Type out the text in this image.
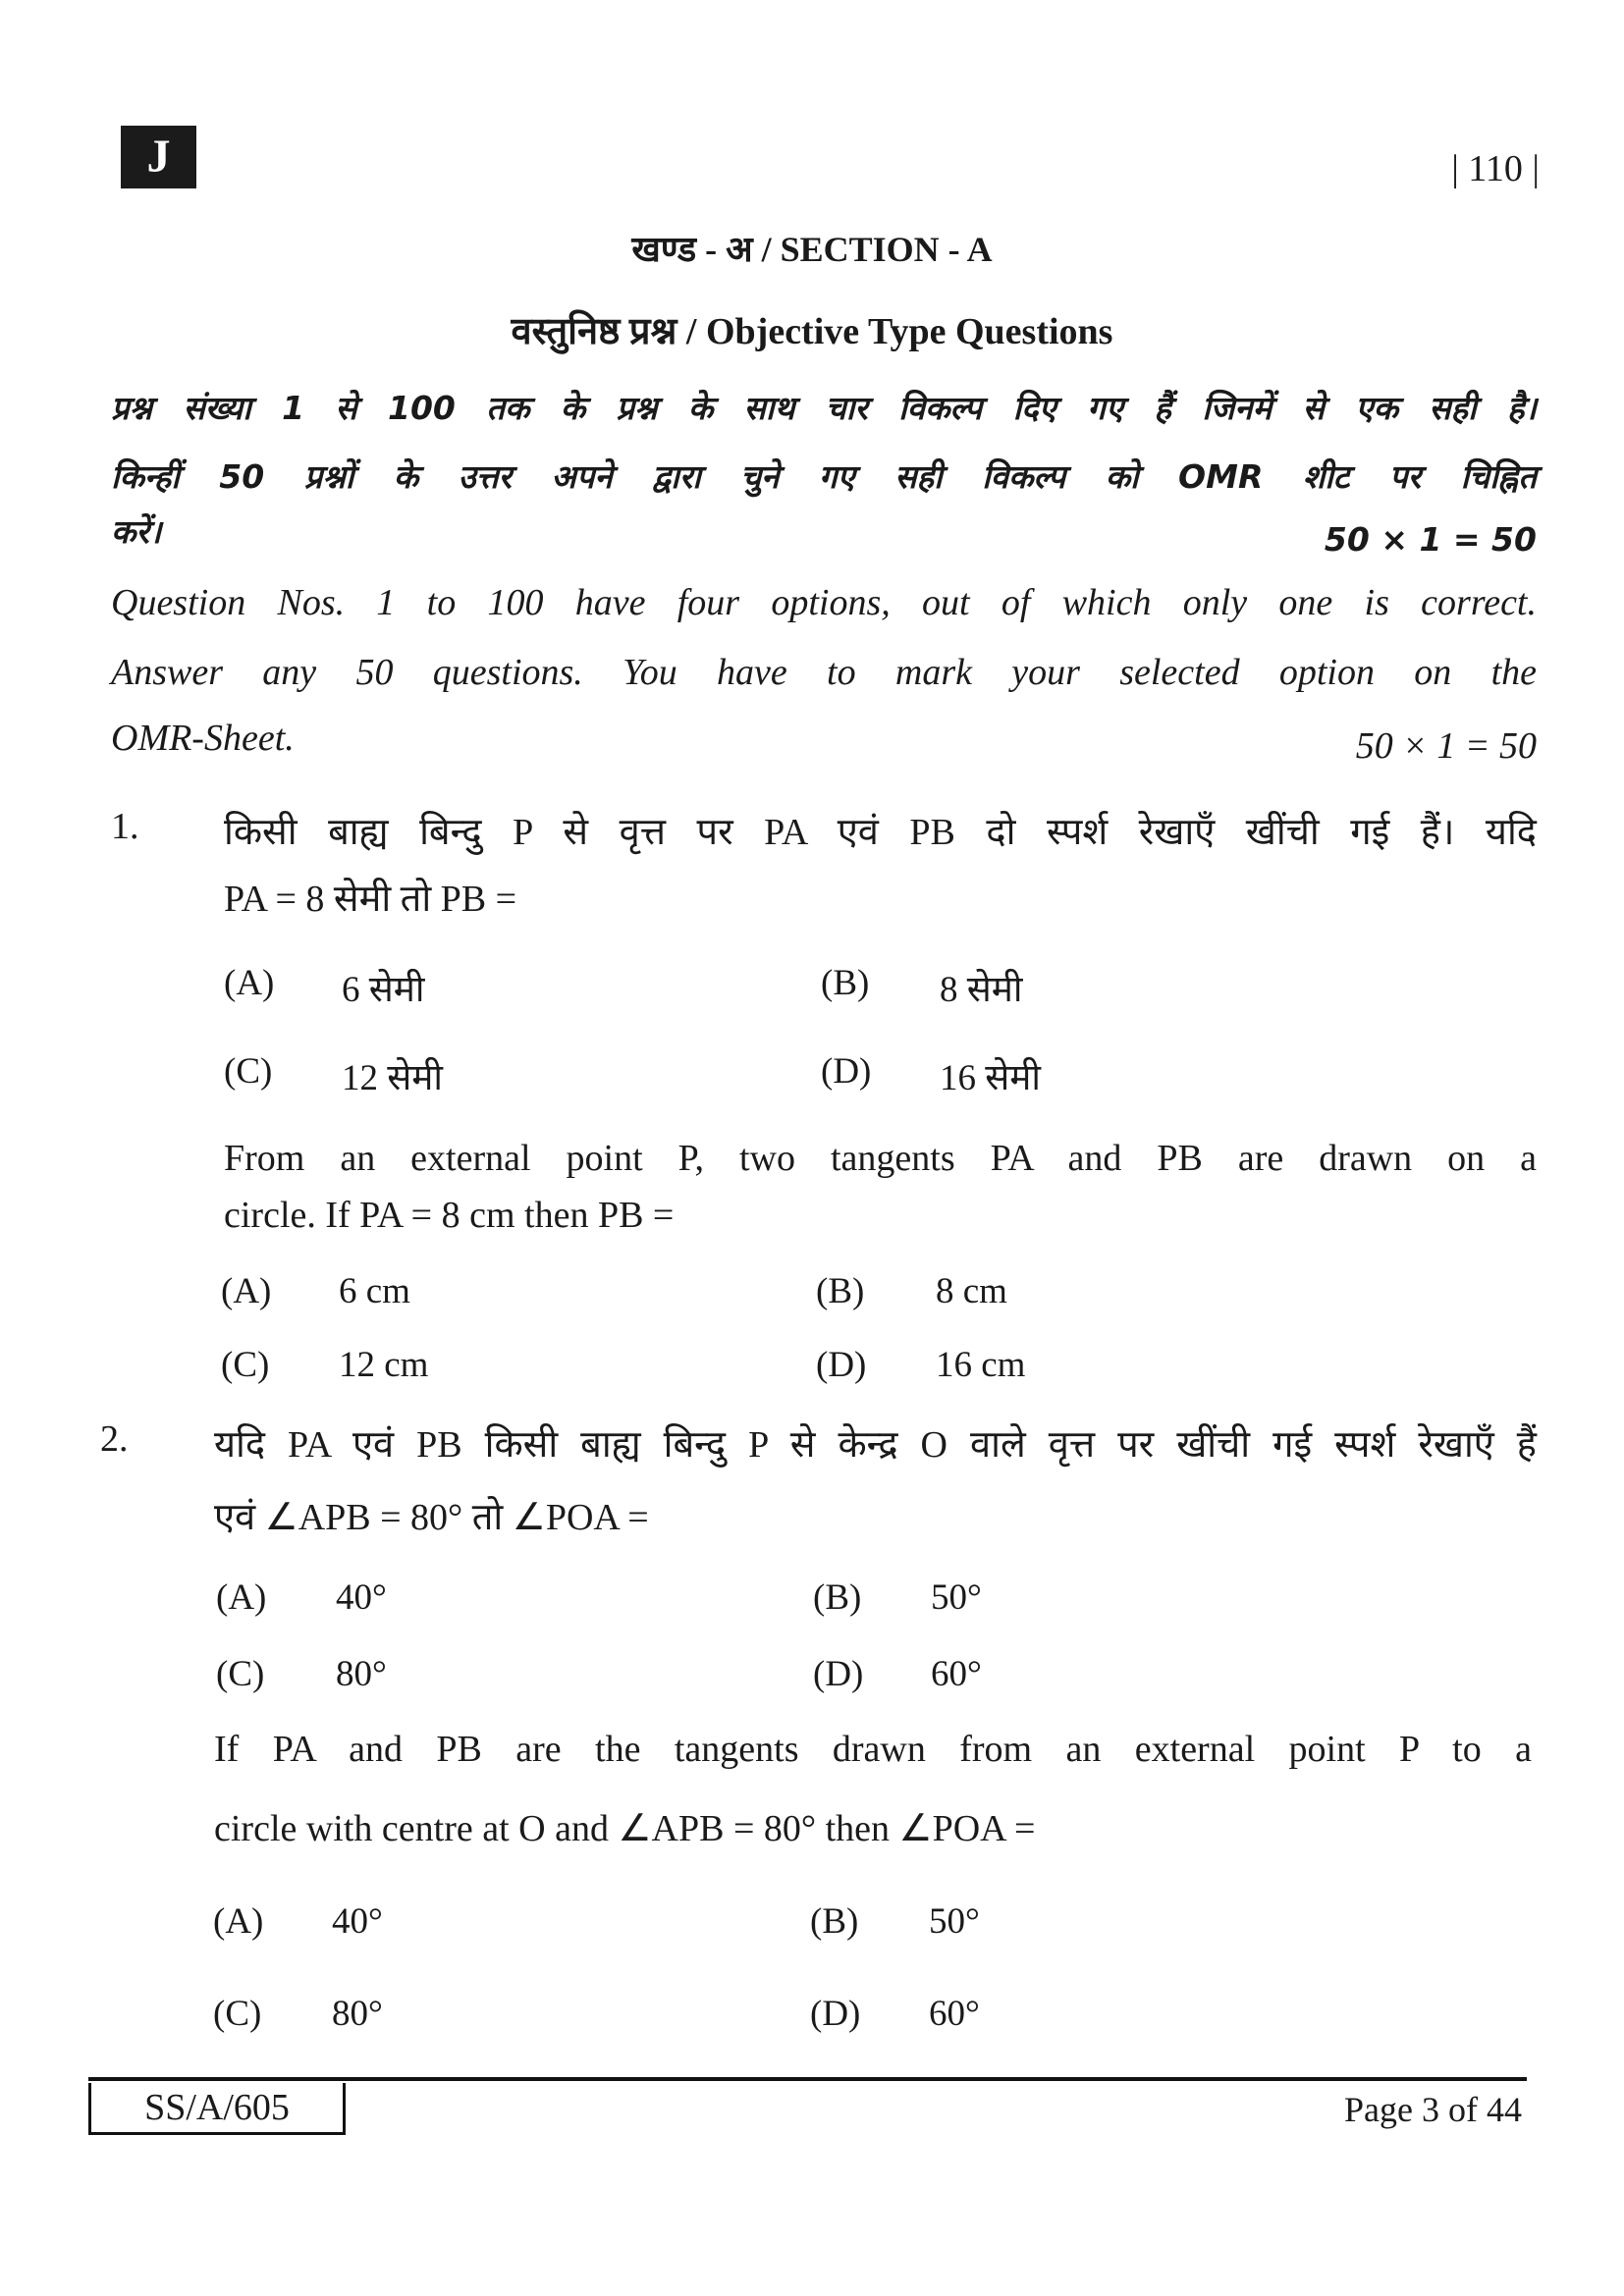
J	| 110 |
खण्ड - अ / SECTION - A
वस्तुनिष्ठ प्रश्न / Objective Type Questions
प्रश्न संख्या 1 से 100 तक के प्रश्न के साथ चार विकल्प दिए गए हैं जिनमें से एक सही है।
किन्हीं 50 प्रश्नों के उत्तर अपने द्वारा चुने गए सही विकल्प को OMR शीट पर चिह्नित
करें।	50 × 1 = 50
Question Nos. 1 to 100 have four options, out of which only one is correct.
Answer any 50 questions. You have to mark your selected option on the
OMR-Sheet.	50 × 1 = 50
1. किसी बाह्य बिन्दु P से वृत्त पर PA एवं PB दो स्पर्श रेखाएँ खींची गई हैं। यदि
PA = 8 सेमी तो PB =
(A) 6 सेमी	(B) 8 सेमी
(C) 12 सेमी	(D) 16 सेमी
From an external point P, two tangents PA and PB are drawn on a
circle. If PA = 8 cm then PB =
(A) 6 cm	(B) 8 cm
(C) 12 cm	(D) 16 cm
2. यदि PA एवं PB किसी बाह्य बिन्दु P से केन्द्र O वाले वृत्त पर खींची गई स्पर्श रेखाएँ हैं
एवं ∠APB = 80° तो ∠POA =
(A) 40°	(B) 50°
(C) 80°	(D) 60°
If PA and PB are the tangents drawn from an external point P to a
circle with centre at O and ∠APB = 80° then ∠POA =
(A) 40°	(B) 50°
(C) 80°	(D) 60°
SS/A/605	Page 3 of 44
